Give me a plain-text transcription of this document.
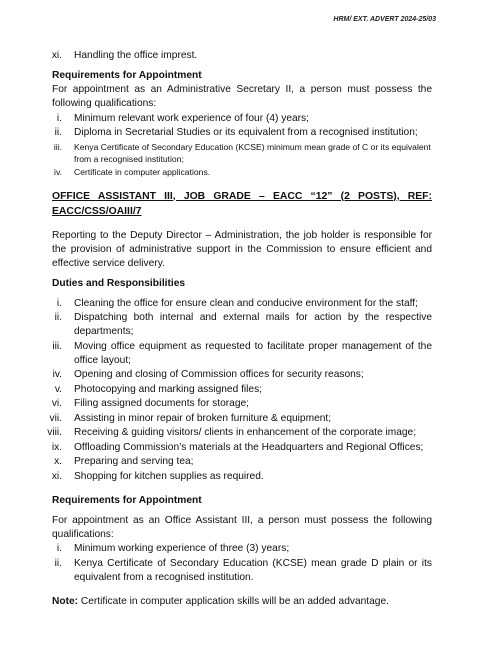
HRM/ EXT. ADVERT 2024-25/03
xi. Handling the office imprest.
Requirements for Appointment
For appointment as an Administrative Secretary II, a person must possess the following qualifications:
i. Minimum relevant work experience of four (4) years;
ii. Diploma in Secretarial Studies or its equivalent from a recognised institution;
iii. Kenya Certificate of Secondary Education (KCSE) minimum mean grade of C or its equivalent from a recognised institution;
iv. Certificate in computer applications.
OFFICE ASSISTANT III, JOB GRADE – EACC “12” (2 POSTS), REF: EACC/CSS/OAIII/7
Reporting to the Deputy Director – Administration, the job holder is responsible for the provision of administrative support in the Commission to ensure efficient and effective service delivery.
Duties and Responsibilities
i. Cleaning the office for ensure clean and conducive environment for the staff;
ii. Dispatching both internal and external mails for action by the respective departments;
iii. Moving office equipment as requested to facilitate proper management of the office layout;
iv. Opening and closing of Commission offices for security reasons;
v. Photocopying and marking assigned files;
vi. Filing assigned documents for storage;
vii. Assisting in minor repair of broken furniture & equipment;
viii. Receiving & guiding visitors/ clients in enhancement of the corporate image;
ix. Offloading Commission’s materials at the Headquarters and Regional Offices;
x. Preparing and serving tea;
xi. Shopping for kitchen supplies as required.
Requirements for Appointment
For appointment as an Office Assistant III, a person must possess the following qualifications:
i. Minimum working experience of three (3) years;
ii. Kenya Certificate of Secondary Education (KCSE) mean grade D plain or its equivalent from a recognised institution.
Note: Certificate in computer application skills will be an added advantage.
